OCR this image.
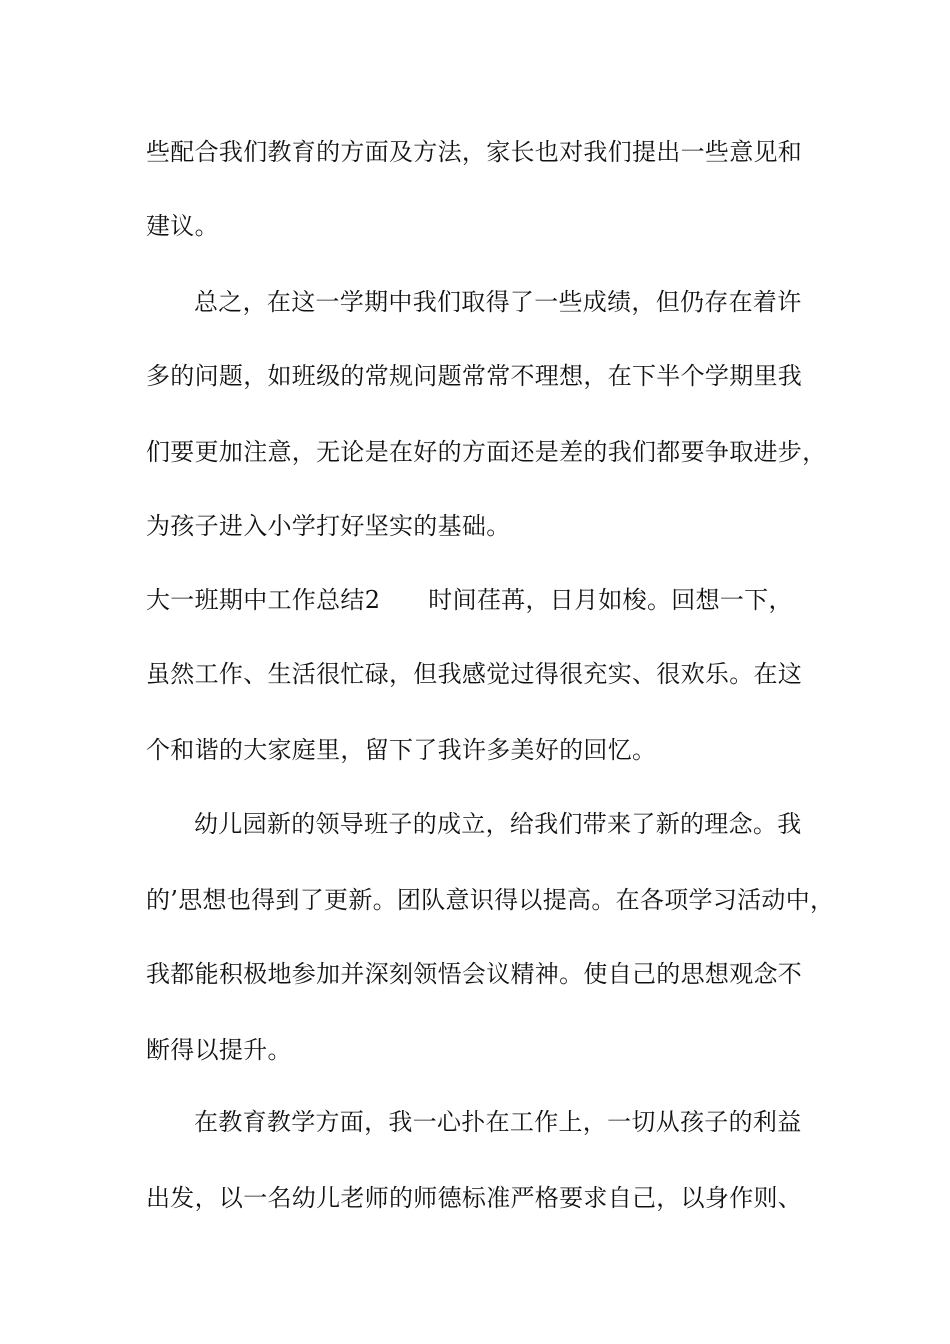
些配合我们教育的方面及方法，家长也对我们提出一些意见和
建议。
总之，在这一学期中我们取得了一些成绩，但仍存在着许
多的问题，如班级的常规问题常常不理想，在下半个学期里我
们要更加注意，无论是在好的方面还是差的我们都要争取进步，
为孩子进入小学打好坚实的基础。
大一班期中工作总结2 时间荏苒，日月如梭。回想一下，
虽然工作、生活很忙碌，但我感觉过得很充实、很欢乐。在这
个和谐的大家庭里，留下了我许多美好的回忆。
幼儿园新的领导班子的成立，给我们带来了新的理念。我
的’思想也得到了更新。团队意识得以提高。在各项学习活动中，
我都能积极地参加并深刻领悟会议精神。使自己的思想观念不
断得以提升。
在教育教学方面，我一心扑在工作上，一切从孩子的利益
出发，以一名幼儿老师的师德标准严格要求自己，以身作则、
